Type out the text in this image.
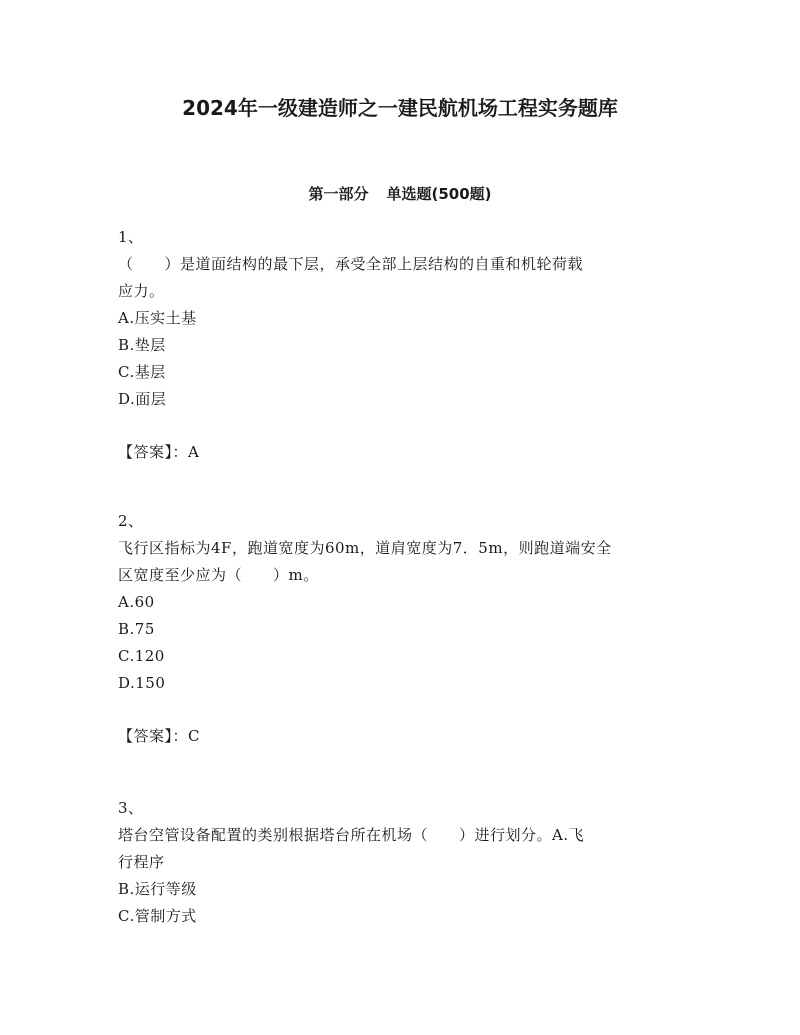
2024年一级建造师之一建民航机场工程实务题库
第一部分 单选题(500题)
1、
（　　）是道面结构的最下层，承受全部上层结构的自重和机轮荷载
应力。
A.压实土基
B.垫层
C.基层
D.面层
【答案】：A
2、
飞行区指标为4F，跑道宽度为60m，道肩宽度为7．5m，则跑道端安全
区宽度至少应为（　　）m。
A.60
B.75
C.120
D.150
【答案】：C
3、
塔台空管设备配置的类别根据塔台所在机场（　　）进行划分。A.飞
行程序
B.运行等级
C.管制方式
